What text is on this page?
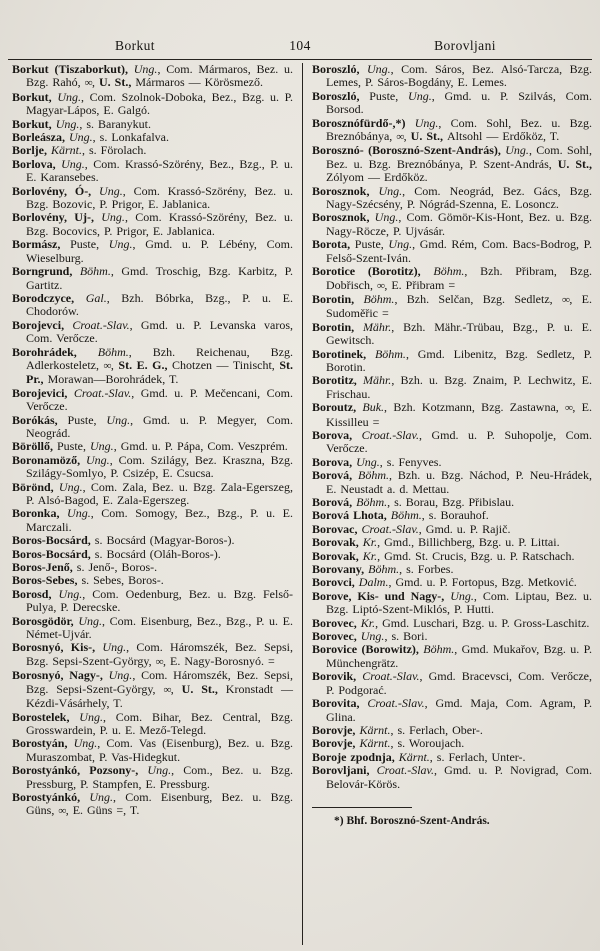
Borkut	104	Borovljani

Borkut (Tiszaborkut), Ung., Com. Mármaros, Bez. u. Bzg. Rahó, ∞, U. St., Mármaros — Körösmező.

Borkut, Ung., Com. Szolnok-Doboka, Bez., Bzg. u. P. Magyar-Lápos, E. Galgó.

Borkut, Ung., s. Baranykut.

Borleásza, Ung., s. Lonkafalva.

Borlje, Kärnt., s. Förolach.

Borlova, Ung., Com. Krassó-Szörény, Bez., Bzg., P. u. E. Karansebes.

Borlovény, Ó-, Ung., Com. Krassó-Szörény, Bez. u. Bzg. Bozovic, P. Prigor, E. Jablanica.

Borlovény, Uj-, Ung., Com. Krassó-Szörény, Bez. u. Bzg. Bocovics, P. Prigor, E. Jablanica.

Bormász, Puste, Ung., Gmd. u. P. Lébény, Com. Wieselburg.

Borngrund, Böhm., Gmd. Troschig, Bzg. Karbitz, P. Gartitz.

Borodczyce, Gal., Bzh. Bóbrka, Bzg., P. u. E. Chodorów.

Borojevci, Croat.-Slav., Gmd. u. P. Levanska varos, Com. Verőcze.

Borohrádek, Böhm., Bzh. Reichenau, Bzg. Adlerkosteletz, ∞, St. E. G., Chotzen — Tinischt, St. Pr., Morawan—Borohrádek, T.

Borojevici, Croat.-Slav., Gmd. u. P. Mečencani, Com. Verőcze.

Borókás, Puste, Ung., Gmd. u. P. Megyer, Com. Neográd.

Böröllő, Puste, Ung., Gmd. u. P. Pápa, Com. Veszprém.

Boronamöző, Ung., Com. Szilágy, Bez. Kraszna, Bzg. Szilágy-Somlyo, P. Csizép, E. Csucsa.

Börönd, Ung., Com. Zala, Bez. u. Bzg. Zala-Egerszeg, P. Alsó-Bagod, E. Zala-Egerszeg.

Boronka, Ung., Com. Somogy, Bez., Bzg., P. u. E. Marczali.

Boros-Bocsárd, s. Bocsárd (Magyar-Boros-).

Boros-Bocsárd, s. Bocsárd (Oláh-Boros-).

Boros-Jenő, s. Jenő-, Boros-.

Boros-Sebes, s. Sebes, Boros-.

Borosd, Ung., Com. Oedenburg, Bez. u. Bzg. Felső-Pulya, P. Derecske.

Borosgödör, Ung., Com. Eisenburg, Bez., Bzg., P. u. E. Német-Ujvár.

Borosnyó, Kis-, Ung., Com. Háromszék, Bez. Sepsi, Bzg. Sepsi-Szent-György, ∞, E. Nagy-Borosnyó. =

Borosnyó, Nagy-, Ung., Com. Háromszék, Bez. Sepsi, Bzg. Sepsi-Szent-György, ∞, U. St., Kronstadt — Kézdi-Vásárhely, T.

Borostelek, Ung., Com. Bihar, Bez. Central, Bzg. Grosswardein, P. u. E. Mező-Telegd.

Borostyán, Ung., Com. Vas (Eisenburg), Bez. u. Bzg. Muraszombat, P. Vas-Hidegkut.

Borostyánkó, Pozsony-, Ung., Com., Bez. u. Bzg. Pressburg, P. Stampfen, E. Pressburg.

Borostyánkó, Ung., Com. Eisenburg, Bez. u. Bzg. Güns, ∞, E. Güns =, T.

Boroszló, Ung., Com. Sáros, Bez. Alsó-Tarcza, Bzg. Lemes, P. Sáros-Bogdány, E. Lemes.

Boroszló, Puste, Ung., Gmd. u. P. Szilvás, Com. Borsod.

Borosznófürdő-,*) Ung., Com. Sohl, Bez. u. Bzg. Breznóbánya, ∞, U. St., Altsohl — Erdőköz, T.

Borosznó- (Borosznó-Szent-András), Ung., Com. Sohl, Bez. u. Bzg. Breznóbánya, P. Szent-András, U. St., Zólyom — Erdőköz.

Borosznok, Ung., Com. Neográd, Bez. Gács, Bzg. Nagy-Szécsény, P. Nógrád-Szenna, E. Losoncz.

Borosznok, Ung., Com. Gömör-Kis-Hont, Bez. u. Bzg. Nagy-Röcze, P. Ujvásár.

Borota, Puste, Ung., Gmd. Rém, Com. Bacs-Bodrog, P. Felső-Szent-Iván.

Borotice (Borotitz), Böhm., Bzh. Přibram, Bzg. Dobřisch, ∞, E. Přibram =

Borotin, Böhm., Bzh. Selčan, Bzg. Sedletz, ∞, E. Sudoměřic =

Borotin, Mähr., Bzh. Mähr.-Trübau, Bzg., P. u. E. Gewitsch.

Borotinek, Böhm., Gmd. Libenitz, Bzg. Sedletz, P. Borotin.

Borotitz, Mähr., Bzh. u. Bzg. Znaim, P. Lechwitz, E. Frischau.

Boroutz, Buk., Bzh. Kotzmann, Bzg. Zastawna, ∞, E. Kissilleu =

Borova, Croat.-Slav., Gmd. u. P. Suhopolje, Com. Verőcze.

Borova, Ung., s. Fenyves.

Borová, Böhm., Bzh. u. Bzg. Náchod, P. Neu-Hrádek, E. Neustadt a. d. Mettau.

Borová, Böhm., s. Borau, Bzg. Přibislau.

Borová Lhota, Böhm., s. Borauhof.

Borovac, Croat.-Slav., Gmd. u. P. Rajič.

Borovak, Kr., Gmd., Billichberg, Bzg. u. P. Littai.

Borovak, Kr., Gmd. St. Crucis, Bzg. u. P. Ratschach.

Borovany, Böhm., s. Forbes.

Borovci, Dalm., Gmd. u. P. Fortopus, Bzg. Metković.

Borove, Kis- und Nagy-, Ung., Com. Liptau, Bez. u. Bzg. Liptó-Szent-Miklós, P. Hutti.

Borovec, Kr., Gmd. Luschari, Bzg. u. P. Gross-Laschitz.

Borovec, Ung., s. Bori.

Borovice (Borowitz), Böhm., Gmd. Mukařov, Bzg. u. P. Münchengrätz.

Borovik, Croat.-Slav., Gmd. Bracevsci, Com. Verőcze, P. Podgorać.

Borovita, Croat.-Slav., Gmd. Maja, Com. Agram, P. Glina.

Borovje, Kärnt., s. Ferlach, Ober-.

Borovje, Kärnt., s. Woroujach.

Boroje zpodnja, Kärnt., s. Ferlach, Unter-.

Borovljani, Croat.-Slav., Gmd. u. P. Novigrad, Com. Belovár-Körös.

*) Bhf. Borosznó-Szent-András.
